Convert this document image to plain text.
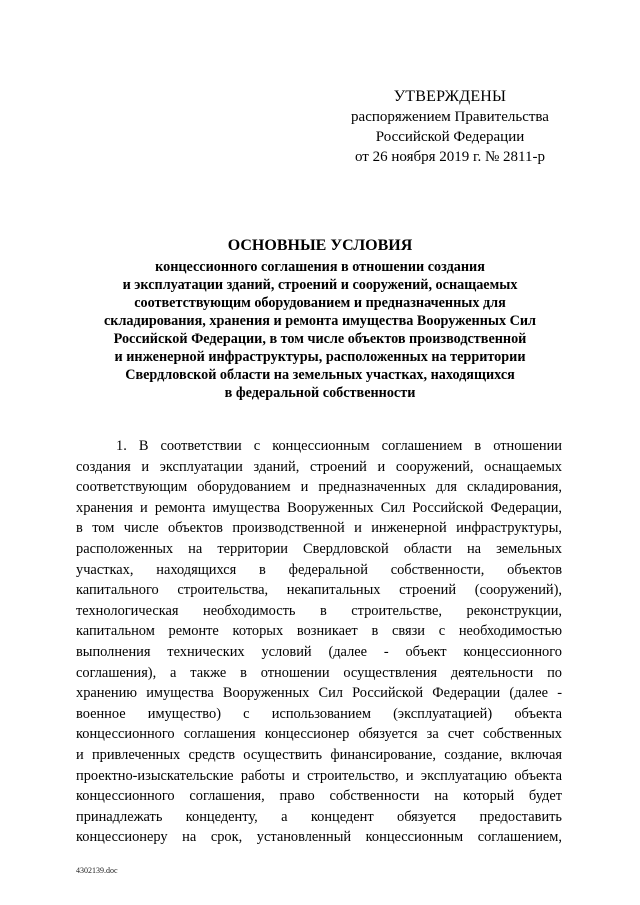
УТВЕРЖДЕНЫ
распоряжением Правительства
Российской Федерации
от 26 ноября 2019 г. № 2811-р
ОСНОВНЫЕ УСЛОВИЯ
концессионного соглашения в отношении создания
и эксплуатации зданий, строений и сооружений, оснащаемых
соответствующим оборудованием и предназначенных для
складирования, хранения и ремонта имущества Вооруженных Сил
Российской Федерации, в том числе объектов производственной
и инженерной инфраструктуры, расположенных на территории
Свердловской области на земельных участках, находящихся
в федеральной собственности
1. В соответствии с концессионным соглашением в отношении
создания и эксплуатации зданий, строений и сооружений, оснащаемых
соответствующим оборудованием и предназначенных для складирования,
хранения и ремонта имущества Вооруженных Сил Российской Федерации,
в том числе объектов производственной и инженерной инфраструктуры,
расположенных на территории Свердловской области на земельных
участках, находящихся в федеральной собственности, объектов
капитального строительства, некапитальных строений (сооружений),
технологическая необходимость в строительстве, реконструкции,
капитальном ремонте которых возникает в связи с необходимостью
выполнения технических условий (далее - объект концессионного
соглашения), а также в отношении осуществления деятельности по
хранению имущества Вооруженных Сил Российской Федерации (далее -
военное имущество) с использованием (эксплуатацией) объекта
концессионного соглашения концессионер обязуется за счет собственных
и привлеченных средств осуществить финансирование, создание, включая
проектно-изыскательские работы и строительство, и эксплуатацию объекта
концессионного соглашения, право собственности на который будет
принадлежать концеденту, а концедент обязуется предоставить
концессионеру на срок, установленный концессионным соглашением,
4302139.doc
